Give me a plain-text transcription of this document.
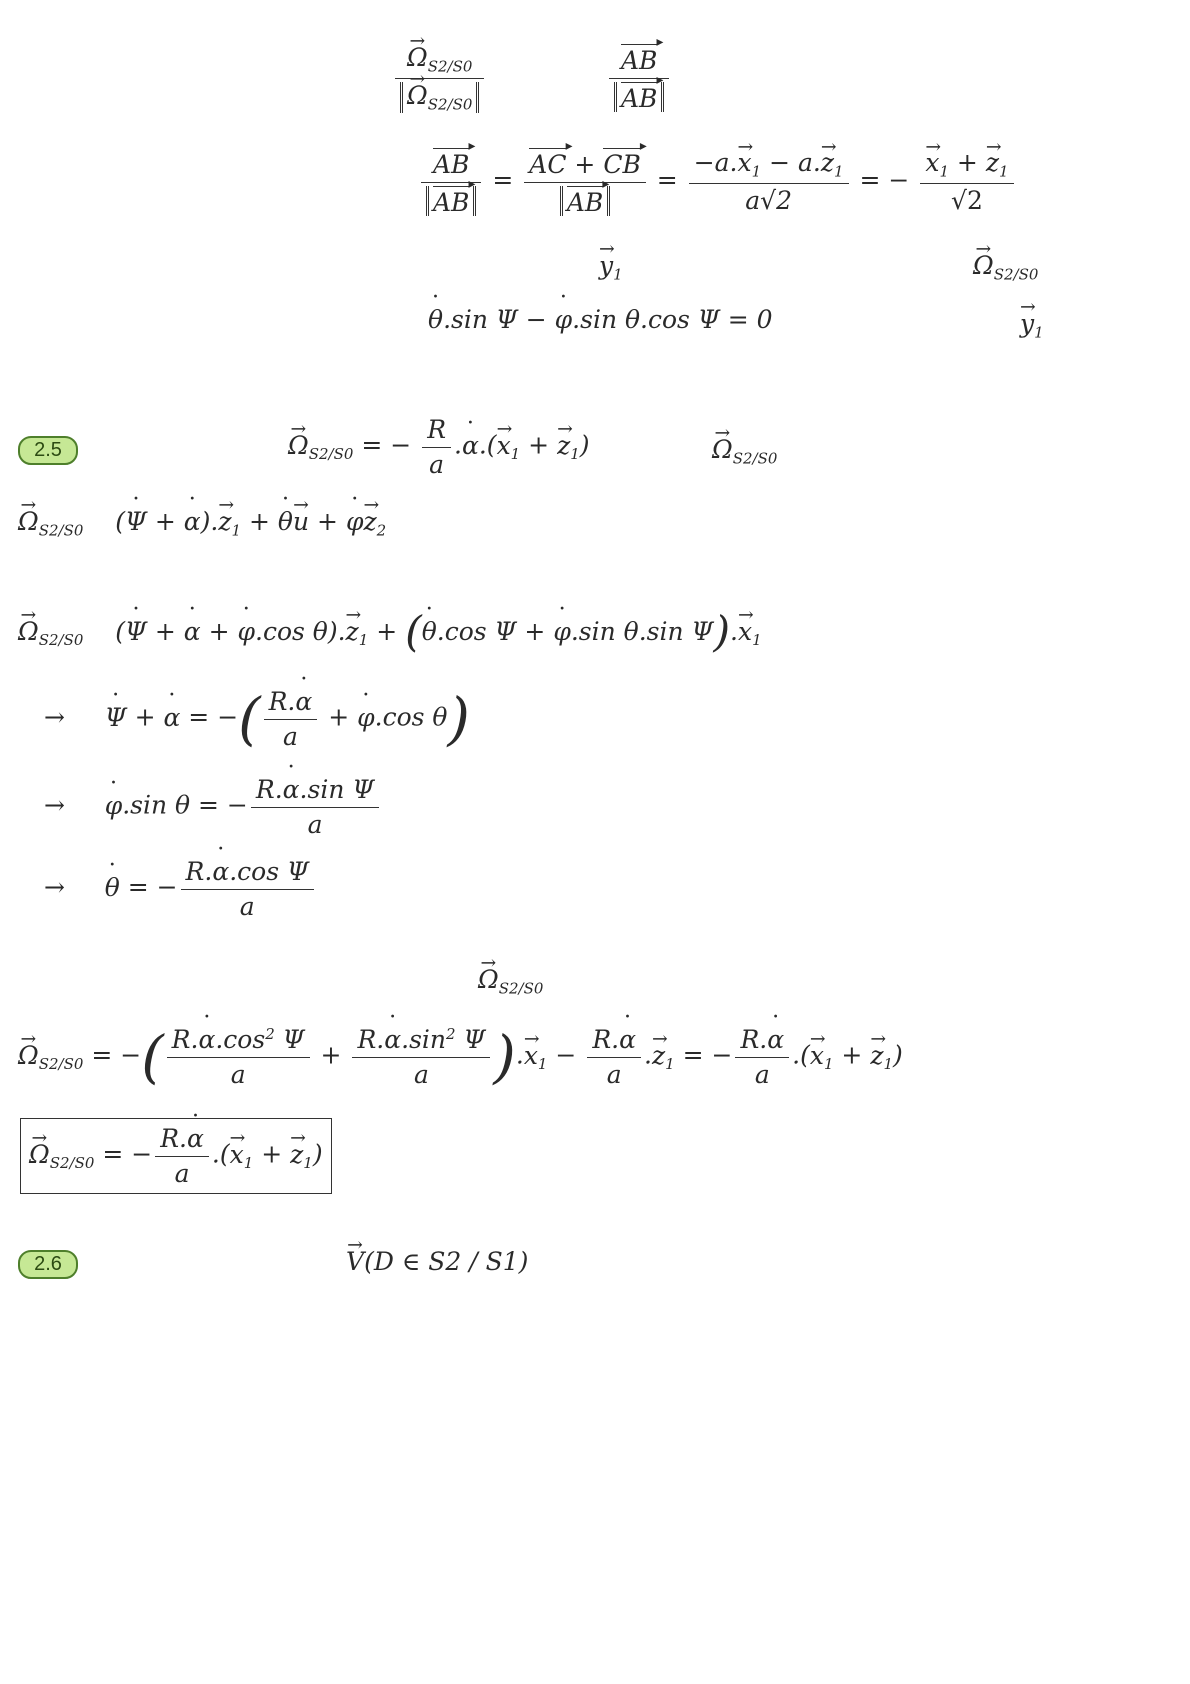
→ $\Omega_{S2/S0}$
→ $\Omega_{S2/S0}$	$\frac{AB ▸}{AB}$ ▸
$\frac{AB ▸}{AB}$ ▸ = $\frac{AC ▸ + CB ▸}{AB}$ ▸ = $\frac{-a.\to x_1 - a.\to z_1}{a√2}$ = − → $\frac{x_1 + \to z_1}{√2}$
→ $y_1$	→ $\Omega_{S2/S0}$
˙ θ.sin Ψ − ˙ φ.sin θ.cos Ψ = 0	→ $y_1$
2.5	→ $\Omega_{S2/S0}$ = − $\frac{R}{a}$ .˙ $\alpha.(\to x_1$ + → $z_1$)	→ $\Omega_{S2/S0}$
→ $\Omega_{S2/S0}$    (˙ Ψ + ˙ $\alpha).\to z_1$ + ˙ θ→ u + ˙ $\varphi\to z_2$
→ $\Omega_{S2/S0}$    (˙ Ψ + ˙ α + ˙ φ.cos $\theta).\to z_1$ + (˙ θ.cos Ψ + ˙ φ.sin θ.sin $\Psi).\to x_1$
→     ˙ Ψ + ˙ α = −( $\frac{R.˙ \alpha}{a}$ + ˙ φ.cos θ)
→     ˙ φ.sin θ = − $\frac{\text{R.˙ α.sin Ψ}}{a}$
→     ˙ θ = − $\frac{\text{R.˙ α.cos Ψ}}{a}$
→ $\Omega_{S2/S0}$
→ $\Omega_{S2/S0}$ = −( $\frac{R.˙ \alpha.\cos^2 \Psi}{a} + \frac{R.˙ \alpha.\sin^2 \Psi}{a}$ ).→ $x_1 - \frac{R.˙ \alpha}{a}$ .→ $z_1$ = − $\frac{R.˙ \alpha}{a}$ .(→ $x_1$ + → $z_1$)
→ $\Omega_{S2/S0}$ = − $\frac{R.˙ \alpha}{a}$ .(→ $x_1$ + → $z_1$)
2.6	→ V(D ∈ S2 / S1)
